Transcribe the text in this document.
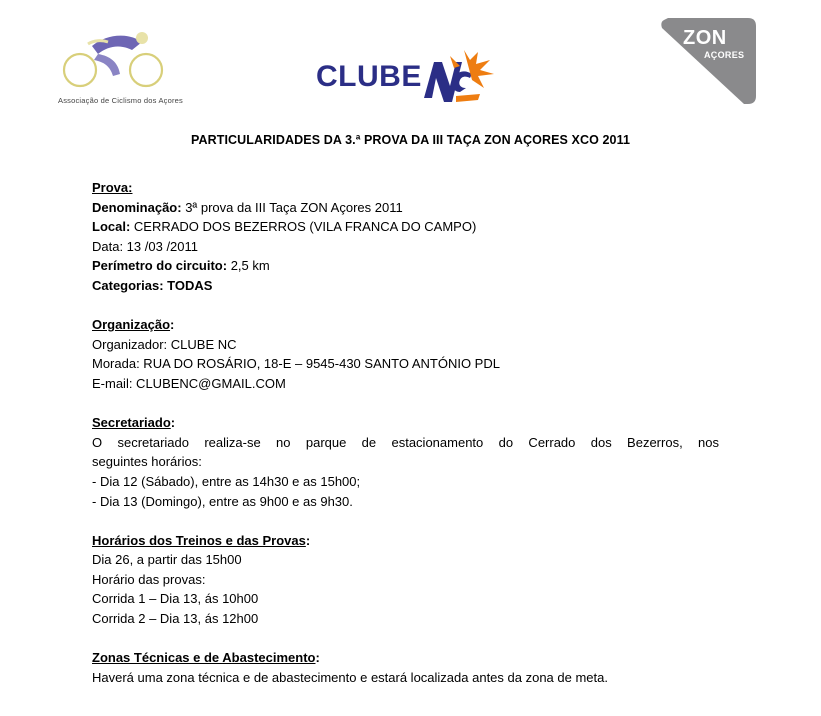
Associação de Ciclismo dos Açores
CLUBE
ZON
AÇORES
PARTICULARIDADES DA 3.ª PROVA DA III TAÇA ZON AÇORES XCO 2011
Prova:
Denominação: 3ª prova da III Taça ZON Açores 2011
Local: CERRADO DOS BEZERROS (VILA FRANCA DO CAMPO)
Data: 13 /03 /2011
Perímetro do circuito: 2,5 km
Categorias: TODAS
Organização:
Organizador: CLUBE NC
Morada: RUA DO ROSÁRIO, 18-E – 9545-430 SANTO ANTÓNIO PDL
E-mail: CLUBENC@GMAIL.COM
Secretariado:
O secretariado realiza-se no parque de estacionamento do Cerrado dos Bezerros, nos
seguintes horários:
- Dia 12 (Sábado), entre as 14h30 e as 15h00;
- Dia 13 (Domingo), entre as 9h00 e as 9h30.
Horários dos Treinos e das Provas:
Dia 26, a partir das 15h00
Horário das provas:
Corrida 1 – Dia 13, ás 10h00
Corrida 2 – Dia 13, ás 12h00
Zonas Técnicas e de Abastecimento:
Haverá uma zona técnica e de abastecimento e estará localizada antes da zona de meta.
